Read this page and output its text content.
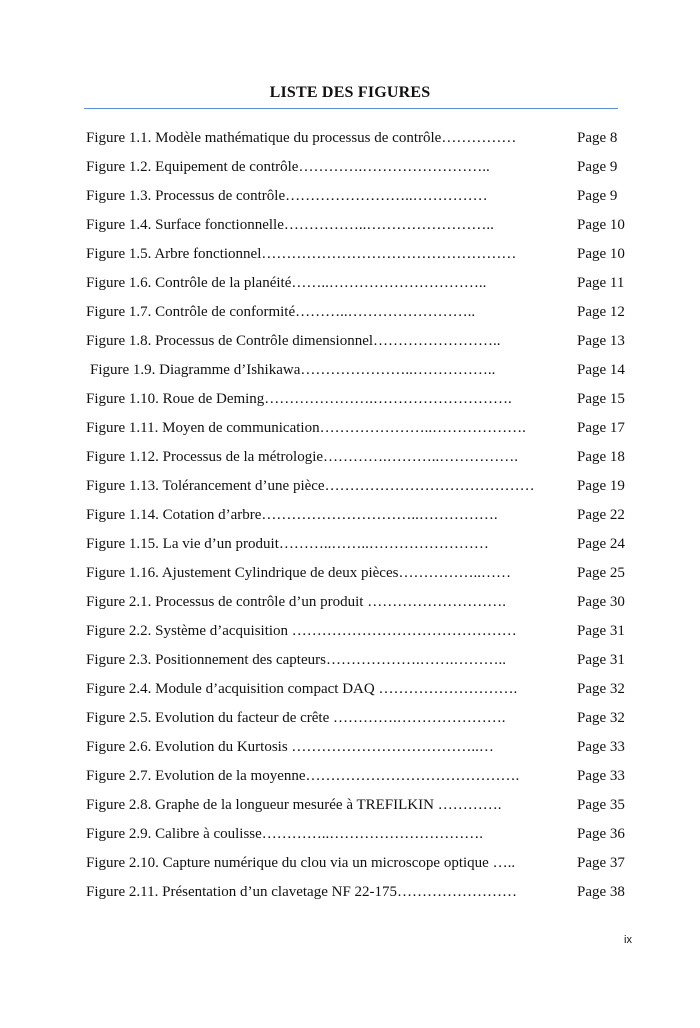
LISTE DES FIGURES
Figure 1.1. Modèle mathématique du processus de contrôle……………	Page 8
Figure 1.2. Equipement de contrôle………….……………………..	Page 9
Figure 1.3. Processus de contrôle……………………..……………	Page 9
Figure 1.4. Surface fonctionnelle……………..……………………..	Page 10
Figure 1.5. Arbre fonctionnel……………………………………………	Page 10
Figure 1.6. Contrôle de la planéité……..…………………………..	Page 11
Figure 1.7. Contrôle de conformité………..……………………..	Page 12
Figure 1.8. Processus de Contrôle dimensionnel……………………..	Page 13
Figure 1.9. Diagramme d’Ishikawa…………………..……………..	Page 14
Figure 1.10. Roue de Deming………………….……………………….	Page 15
Figure 1.11. Moyen de communication…………………..……………….	Page 17
Figure 1.12. Processus de la métrologie………….………..…………….	Page 18
Figure 1.13. Tolérancement d’une pièce……………………………………	Page 19
Figure 1.14. Cotation d’arbre…………………………..…………….	Page 22
Figure 1.15. La vie d’un produit………..……..……………………	Page 24
Figure 1.16. Ajustement Cylindrique de deux pièces……………..……	Page 25
Figure 2.1. Processus de contrôle d’un produit ……………………….	Page 30
Figure 2.2. Système d’acquisition ………………………………………	Page 31
Figure 2.3. Positionnement des capteurs……………….…….………..	Page 31
Figure 2.4. Module d’acquisition compact DAQ ……………………….	Page 32
Figure 2.5. Evolution du facteur de crête ………….………………….	Page 32
Figure 2.6. Evolution du Kurtosis ………………………………..…	Page 33
Figure 2.7. Evolution de la moyenne…………………………………….	Page 33
Figure 2.8. Graphe de la longueur mesurée à TREFILKIN ………….	Page 35
Figure 2.9. Calibre à coulisse…………..………………………….	Page 36
Figure 2.10. Capture numérique du clou via un microscope optique …..	Page 37
Figure 2.11. Présentation d’un clavetage NF 22-175……………………	Page 38
ix
